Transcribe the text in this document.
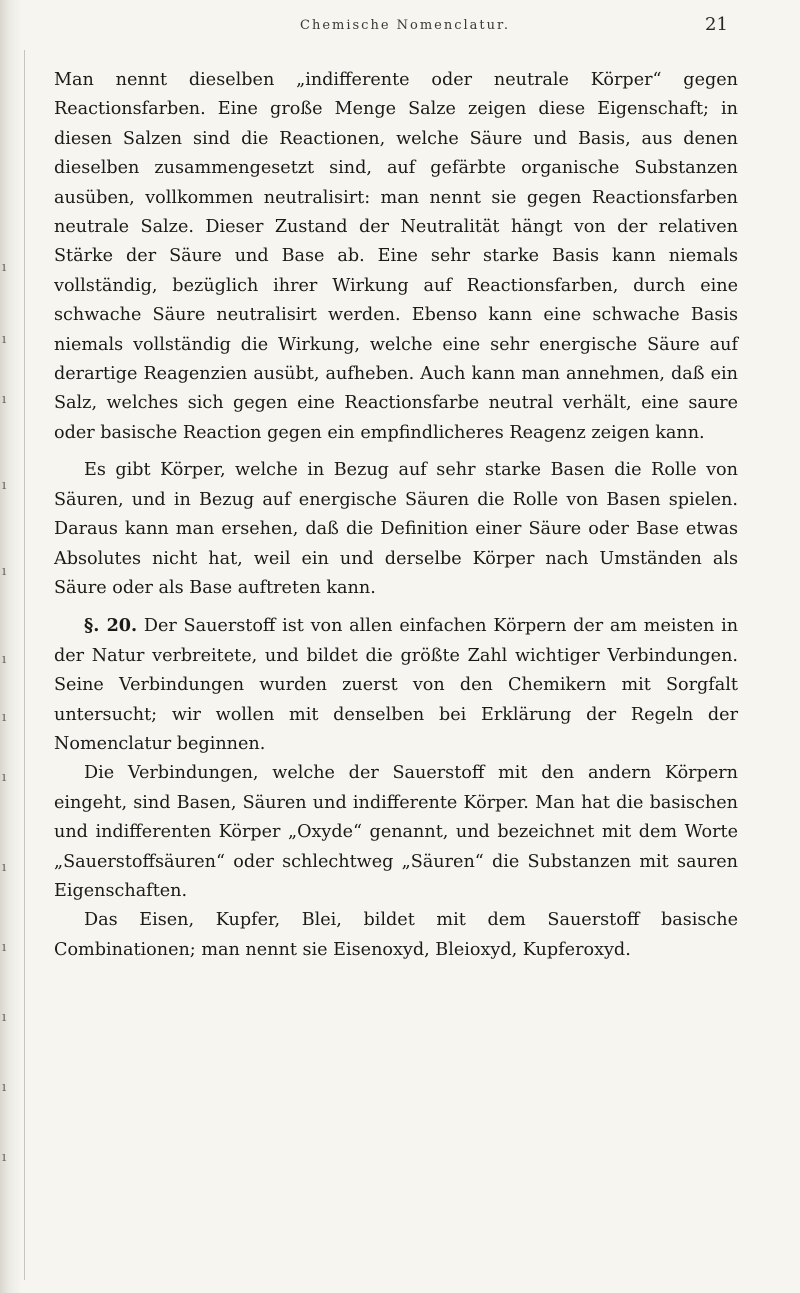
ı
ı
ı
ı
ı
ı
ı
ı
ı
ı
ı
ı
ı
Chemische Nomenclatur.	21

Man nennt dieselben „indifferente oder neutrale Körper“ gegen Reactionsfarben. Eine große Menge Salze zeigen diese Eigenschaft; in diesen Salzen sind die Reactionen, welche Säure und Basis, aus denen dieselben zusammengesetzt sind, auf gefärbte organische Substanzen ausüben, vollkommen neutralisirt: man nennt sie gegen Reactionsfarben neutrale Salze. Dieser Zustand der Neutralität hängt von der relativen Stärke der Säure und Base ab. Eine sehr starke Basis kann niemals vollständig, bezüglich ihrer Wirkung auf Reactionsfarben, durch eine schwache Säure neutralisirt werden. Ebenso kann eine schwache Basis niemals vollständig die Wirkung, welche eine sehr energische Säure auf derartige Reagenzien ausübt, aufheben. Auch kann man annehmen, daß ein Salz, welches sich gegen eine Reactionsfarbe neutral verhält, eine saure oder basische Reaction gegen ein empfindlicheres Reagenz zeigen kann.

Es gibt Körper, welche in Bezug auf sehr starke Basen die Rolle von Säuren, und in Bezug auf energische Säuren die Rolle von Basen spielen. Daraus kann man ersehen, daß die Definition einer Säure oder Base etwas Absolutes nicht hat, weil ein und derselbe Körper nach Umständen als Säure oder als Base auftreten kann.

§. 20. Der Sauerstoff ist von allen einfachen Körpern der am meisten in der Natur verbreitete, und bildet die größte Zahl wichtiger Verbindungen. Seine Verbindungen wurden zuerst von den Chemikern mit Sorgfalt untersucht; wir wollen mit denselben bei Erklärung der Regeln der Nomenclatur beginnen.

Die Verbindungen, welche der Sauerstoff mit den andern Körpern eingeht, sind Basen, Säuren und indifferente Körper. Man hat die basischen und indifferenten Körper „Oxyde“ genannt, und bezeichnet mit dem Worte „Sauerstoffsäuren“ oder schlechtweg „Säuren“ die Substanzen mit sauren Eigenschaften.

Das Eisen, Kupfer, Blei, bildet mit dem Sauerstoff basische Combinationen; man nennt sie Eisenoxyd, Bleioxyd, Kupferoxyd.
